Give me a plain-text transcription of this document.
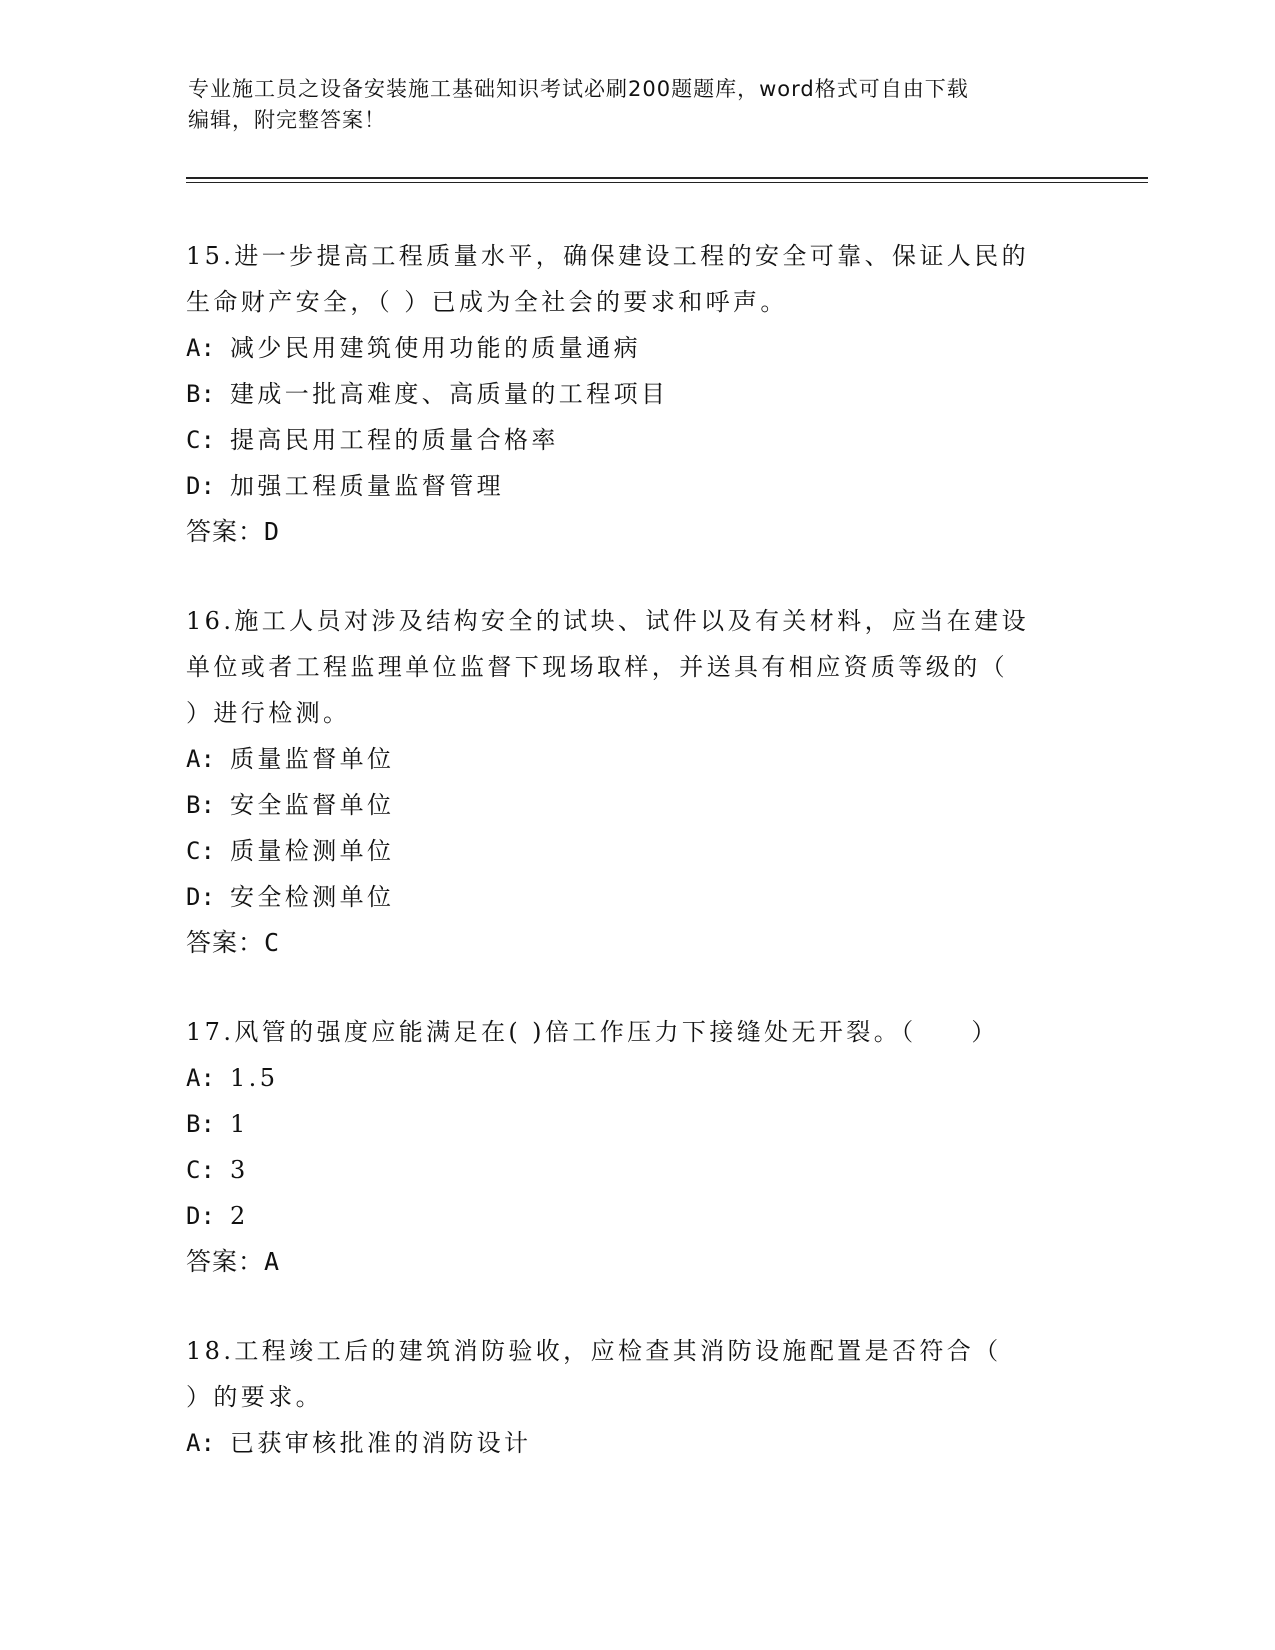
专业施工员之设备安装施工基础知识考试必刷200题题库，word格式可自由下载
编辑，附完整答案！
15.进一步提高工程质量水平，确保建设工程的安全可靠、保证人民的
生命财产安全，（ ）已成为全社会的要求和呼声。
A: 减少民用建筑使用功能的质量通病
B: 建成一批高难度、高质量的工程项目
C: 提高民用工程的质量合格率
D: 加强工程质量监督管理
答案：D
16.施工人员对涉及结构安全的试块、试件以及有关材料，应当在建设
单位或者工程监理单位监督下现场取样，并送具有相应资质等级的（
）进行检测。
A: 质量监督单位
B: 安全监督单位
C: 质量检测单位
D: 安全检测单位
答案：C
17.风管的强度应能满足在( )倍工作压力下接缝处无开裂。（　　）
A: 1.5
B: 1
C: 3
D: 2
答案：A
18.工程竣工后的建筑消防验收，应检查其消防设施配置是否符合（
）的要求。
A: 已获审核批准的消防设计
